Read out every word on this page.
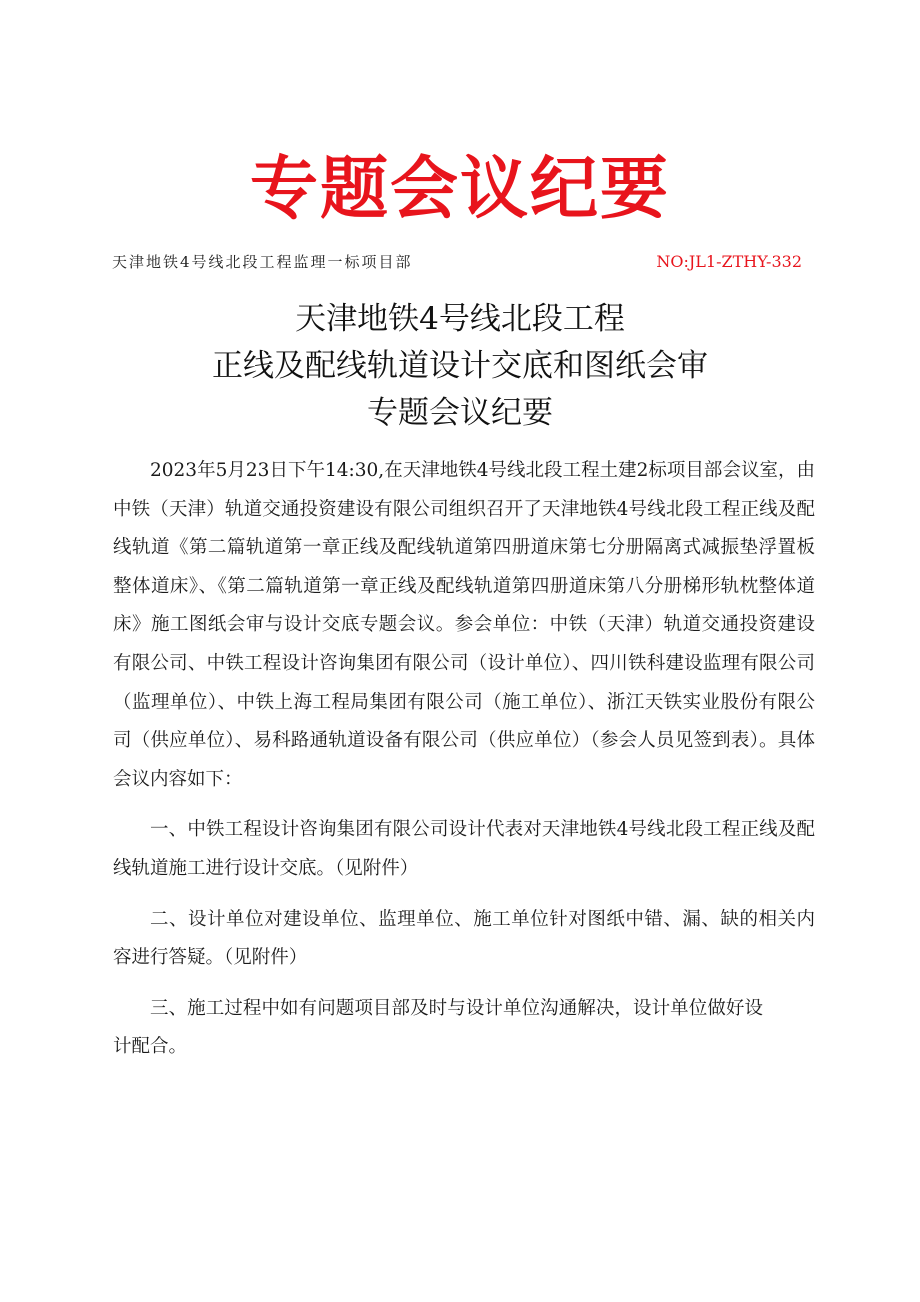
专题会议纪要
天津地铁4号线北段工程监理一标项目部	NO:JL1-ZTHY-332
天津地铁4号线北段工程
正线及配线轨道设计交底和图纸会审
专题会议纪要

2023年5月23日下午14:30,在天津地铁4号线北段工程土建2标项目部会议室，由中铁（天津）轨道交通投资建设有限公司组织召开了天津地铁4号线北段工程正线及配线轨道《第二篇轨道第一章正线及配线轨道第四册道床第七分册隔离式减振垫浮置板整体道床》、《第二篇轨道第一章正线及配线轨道第四册道床第八分册梯形轨枕整体道床》施工图纸会审与设计交底专题会议。参会单位：中铁（天津）轨道交通投资建设有限公司、中铁工程设计咨询集团有限公司（设计单位）、四川铁科建设监理有限公司（监理单位）、中铁上海工程局集团有限公司（施工单位）、浙江天铁实业股份有限公司（供应单位）、易科路通轨道设备有限公司（供应单位）（参会人员见签到表）。具体会议内容如下：

一、中铁工程设计咨询集团有限公司设计代表对天津地铁4号线北段工程正线及配线轨道施工进行设计交底。（见附件）

二、设计单位对建设单位、监理单位、施工单位针对图纸中错、漏、缺的相关内容进行答疑。（见附件）

三、施工过程中如有问题项目部及时与设计单位沟通解决，设计单位做好设计配合。
